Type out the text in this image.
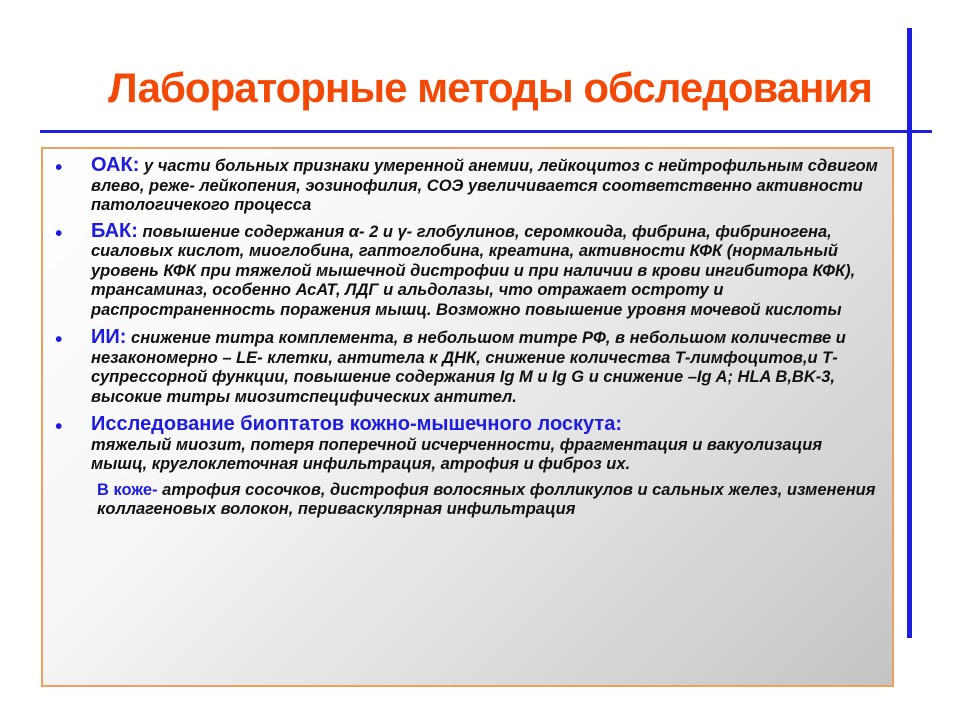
Лабораторные методы обследования

• ОАК: у части больных признаки умеренной анемии, лейкоцитоз с нейтрофильным сдвигом влево, реже- лейкопения, эозинофилия, СОЭ увеличивается соответственно активности патологичекого процесса

• БАК: повышение содержания α- 2 и γ- глобулинов, серомкоида, фибрина, фибриногена, сиаловых кислот, миоглобина, гаптоглобина, креатина, активности КФК (нормальный уровень КФК при тяжелой мышечной дистрофии и при наличии в крови ингибитора КФК), трансаминаз, особенно АсАТ, ЛДГ и альдолазы, что отражает остроту и распространенность поражения мышц. Возможно повышение уровня мочевой кислоты

• ИИ: снижение титра комплемента, в небольшом титре РФ, в небольшом количестве и незакономерно – LE- клетки, антитела к ДНК, снижение количества Т-лимфоцитов,и Т-супрессорной функции, повышение содержания Ig M и Ig G и снижение –Ig A; HLA B,BK-3, высокие титры миозитспецифических антител.

• Исследование биоптатов кожно-мышечного лоскута:
тяжелый миозит, потеря поперечной исчерченности, фрагментация и вакуолизация мышц, круглоклеточная инфильтрация, атрофия и фиброз их.

В коже- атрофия сосочков, дистрофия волосяных фолликулов и сальных желез, изменения коллагеновых волокон, периваскулярная инфильтрация
